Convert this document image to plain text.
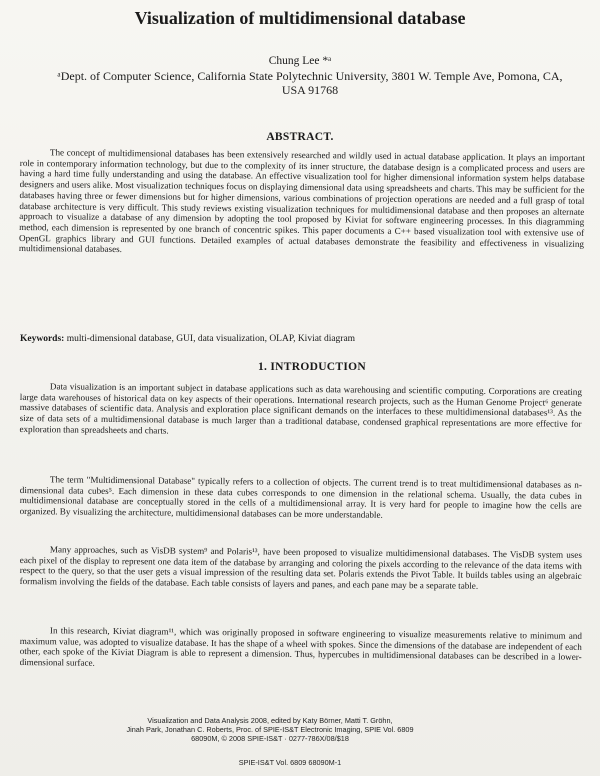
Visualization of multidimensional database
Chung Lee *ᵃ
ᵃDept. of Computer Science, California State Polytechnic University, 3801 W. Temple Ave, Pomona, CA, USA 91768
ABSTRACT.

The concept of multidimensional databases has been extensively researched and wildly used in actual database application. It plays an important role in contemporary information technology, but due to the complexity of its inner structure, the database design is a complicated process and users are having a hard time fully understanding and using the database. An effective visualization tool for higher dimensional information system helps database designers and users alike. Most visualization techniques focus on displaying dimensional data using spreadsheets and charts. This may be sufficient for the databases having three or fewer dimensions but for higher dimensions, various combinations of projection operations are needed and a full grasp of total database architecture is very difficult. This study reviews existing visualization techniques for multidimensional database and then proposes an alternate approach to visualize a database of any dimension by adopting the tool proposed by Kiviat for software engineering processes. In this diagramming method, each dimension is represented by one branch of concentric spikes. This paper documents a C++ based visualization tool with extensive use of OpenGL graphics library and GUI functions. Detailed examples of actual databases demonstrate the feasibility and effectiveness in visualizing multidimensional databases.

Keywords: multi-dimensional database, GUI, data visualization, OLAP, Kiviat diagram

1. INTRODUCTION

Data visualization is an important subject in database applications such as data warehousing and scientific computing. Corporations are creating large data warehouses of historical data on key aspects of their operations. International research projects, such as the Human Genome Project⁶ generate massive databases of scientific data. Analysis and exploration place significant demands on the interfaces to these multidimensional databases¹³. As the size of data sets of a multidimensional database is much larger than a traditional database, condensed graphical representations are more effective for exploration than spreadsheets and charts.

The term "Multidimensional Database" typically refers to a collection of objects. The current trend is to treat multidimensional databases as n-dimensional data cubes⁵. Each dimension in these data cubes corresponds to one dimension in the relational schema. Usually, the data cubes in multidimensional database are conceptually stored in the cells of a multidimensional array. It is very hard for people to imagine how the cells are organized. By visualizing the architecture, multidimensional databases can be more understandable.

Many approaches, such as VisDB system⁹ and Polaris¹³, have been proposed to visualize multidimensional databases. The VisDB system uses each pixel of the display to represent one data item of the database by arranging and coloring the pixels according to the relevance of the data items with respect to the query, so that the user gets a visual impression of the resulting data set. Polaris extends the Pivot Table. It builds tables using an algebraic formalism involving the fields of the database. Each table consists of layers and panes, and each pane may be a separate table.

In this research, Kiviat diagram¹¹, which was originally proposed in software engineering to visualize measurements relative to minimum and maximum value, was adopted to visualize database. It has the shape of a wheel with spokes. Since the dimensions of the database are independent of each other, each spoke of the Kiviat Diagram is able to represent a dimension. Thus, hypercubes in multidimensional databases can be described in a lower-dimensional surface.

Visualization and Data Analysis 2008, edited by Katy Börner, Matti T. Gröhn,
Jinah Park, Jonathan C. Roberts, Proc. of SPIE-IS&T Electronic Imaging, SPIE Vol. 6809
68090M, © 2008 SPIE-IS&T · 0277-786X/08/$18
SPIE-IS&T Vol. 6809 68090M-1
